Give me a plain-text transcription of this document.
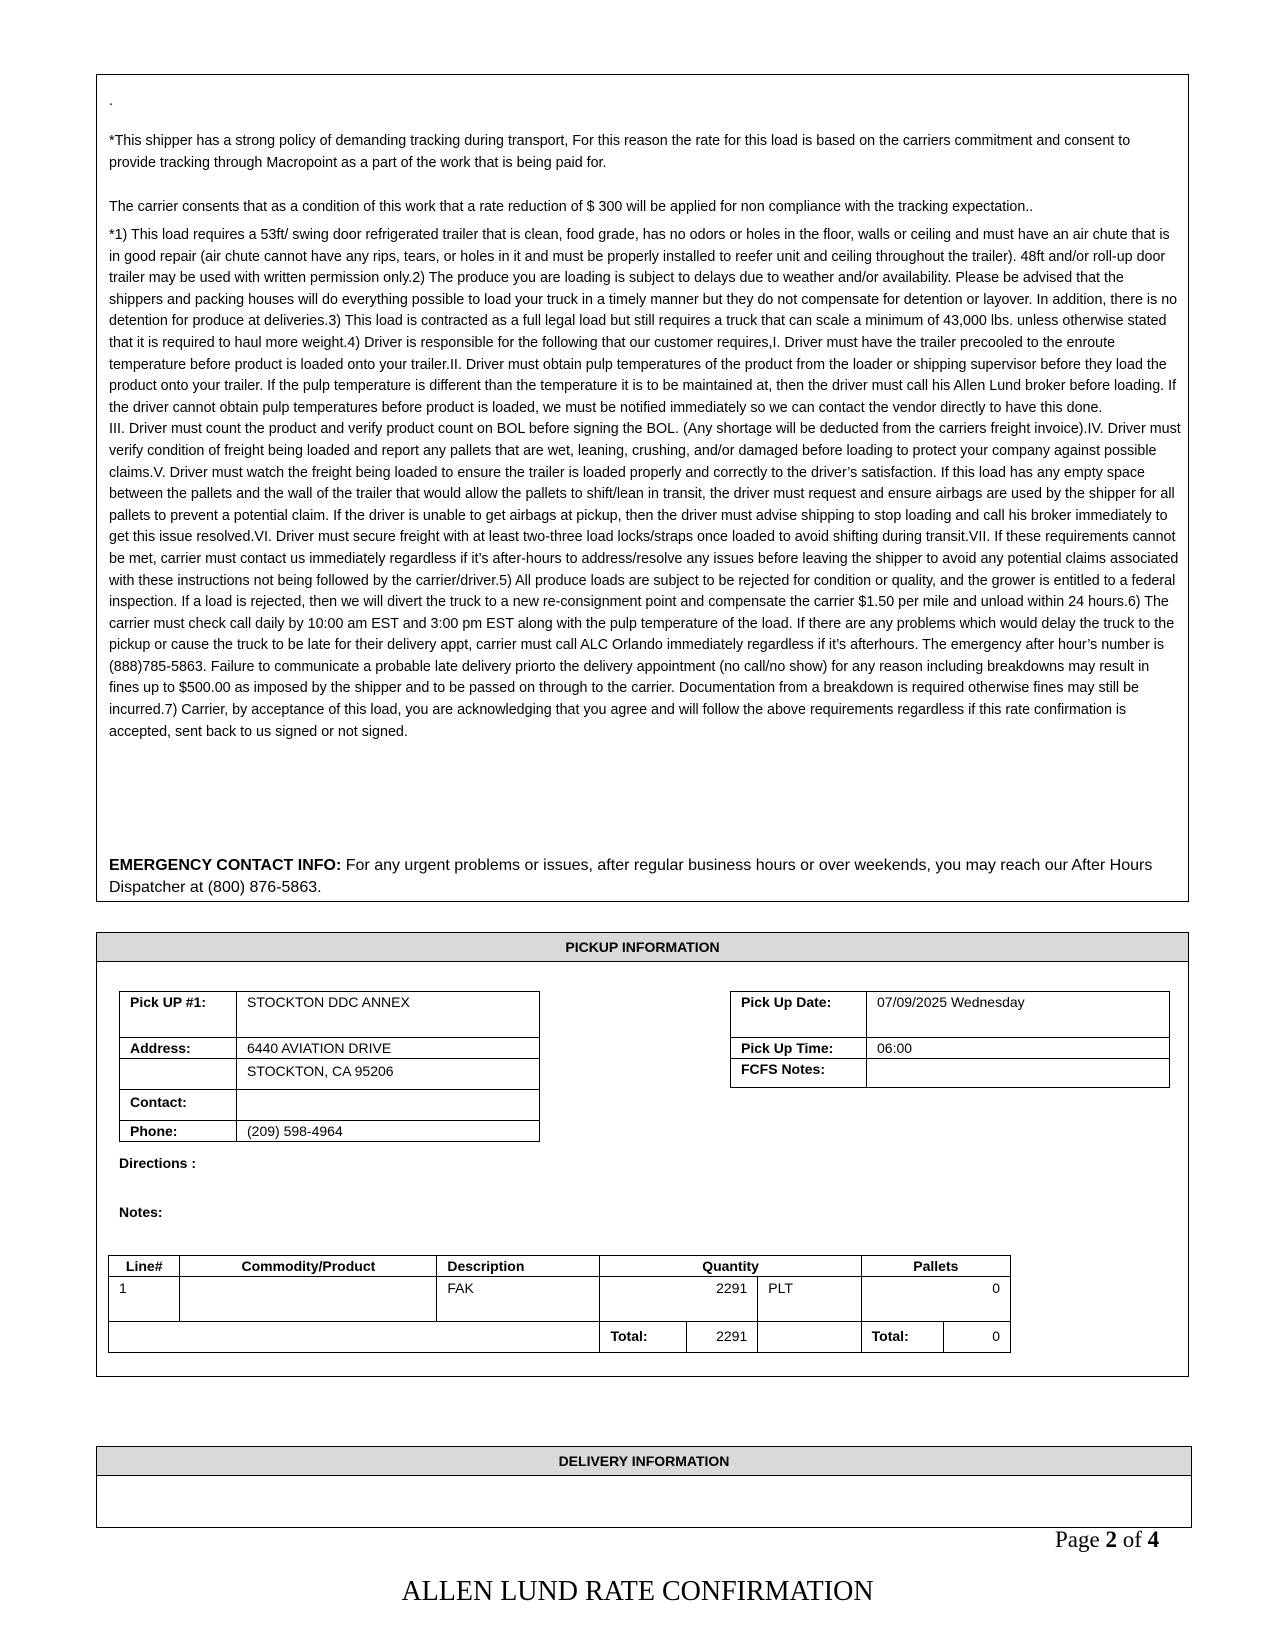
.

*This shipper has a strong policy of demanding tracking during transport, For this reason the rate for this load is based on the carriers commitment and consent to provide tracking through Macropoint as a part of the work that is being paid for.

The carrier consents that as a condition of this work that a rate reduction of $ 300 will be applied for non compliance with the tracking expectation..

*1) This load requires a 53ft/ swing door refrigerated trailer that is clean, food grade, has no odors or holes in the floor, walls or ceiling and must have an air chute that is in good repair (air chute cannot have any rips, tears, or holes in it and must be properly installed to reefer unit and ceiling throughout the trailer). 48ft and/or roll-up door trailer may be used with written permission only.2) The produce you are loading is subject to delays due to weather and/or availability. Please be advised that the shippers and packing houses will do everything possible to load your truck in a timely manner but they do not compensate for detention or layover. In addition, there is no detention for produce at deliveries.3) This load is contracted as a full legal load but still requires a truck that can scale a minimum of 43,000 lbs. unless otherwise stated that it is required to haul more weight.4) Driver is responsible for the following that our customer requires,I. Driver must have the trailer precooled to the enroute temperature before product is loaded onto your trailer.II. Driver must obtain pulp temperatures of the product from the loader or shipping supervisor before they load the product onto your trailer. If the pulp temperature is different than the temperature it is to be maintained at, then the driver must call his Allen Lund broker before loading. If the driver cannot obtain pulp temperatures before product is loaded, we must be notified immediately so we can contact the vendor directly to have this done.

III. Driver must count the product and verify product count on BOL before signing the BOL. (Any shortage will be deducted from the carriers freight invoice).IV. Driver must verify condition of freight being loaded and report any pallets that are wet, leaning, crushing, and/or damaged before loading to protect your company against possible claims.V. Driver must watch the freight being loaded to ensure the trailer is loaded properly and correctly to the driver’s satisfaction. If this load has any empty space between the pallets and the wall of the trailer that would allow the pallets to shift/lean in transit, the driver must request and ensure airbags are used by the shipper for all pallets to prevent a potential claim. If the driver is unable to get airbags at pickup, then the driver must advise shipping to stop loading and call his broker immediately to get this issue resolved.VI. Driver must secure freight with at least two-three load locks/straps once loaded to avoid shifting during transit.VII. If these requirements cannot be met, carrier must contact us immediately regardless if it’s after-hours to address/resolve any issues before leaving the shipper to avoid any potential claims associated with these instructions not being followed by the carrier/driver.5) All produce loads are subject to be rejected for condition or quality, and the grower is entitled to a federal inspection. If a load is rejected, then we will divert the truck to a new re-consignment point and compensate the carrier $1.50 per mile and unload within 24 hours.6) The carrier must check call daily by 10:00 am EST and 3:00 pm EST along with the pulp temperature of the load. If there are any problems which would delay the truck to the pickup or cause the truck to be late for their delivery appt, carrier must call ALC Orlando immediately regardless if it’s afterhours. The emergency after hour’s number is (888)785-5863. Failure to communicate a probable late delivery priorto the delivery appointment (no call/no show) for any reason including breakdowns may result in fines up to $500.00 as imposed by the shipper and to be passed on through to the carrier. Documentation from a breakdown is required otherwise fines may still be incurred.7) Carrier, by acceptance of this load, you are acknowledging that you agree and will follow the above requirements regardless if this rate confirmation is accepted, sent back to us signed or not signed.

EMERGENCY CONTACT INFO: For any urgent problems or issues, after regular business hours or over weekends, you may reach our After Hours Dispatcher at (800) 876-5863.
PICKUP INFORMATION
Pick UP #1:	STOCKTON DDC ANNEX
Address:	6440 AVIATION DRIVE
	STOCKTON, CA 95206
Contact:	
Phone:	(209) 598-4964
Pick Up Date:	07/09/2025 Wednesday
Pick Up Time:	06:00
FCFS Notes:	
Directions :
Notes:
Line#	Commodity/Product	Description	Quantity			Pallets	
1		FAK	2291		PLT	0	
			Total:	2291		Total:	0
DELIVERY INFORMATION
Page 2 of 4
ALLEN LUND RATE CONFIRMATION
